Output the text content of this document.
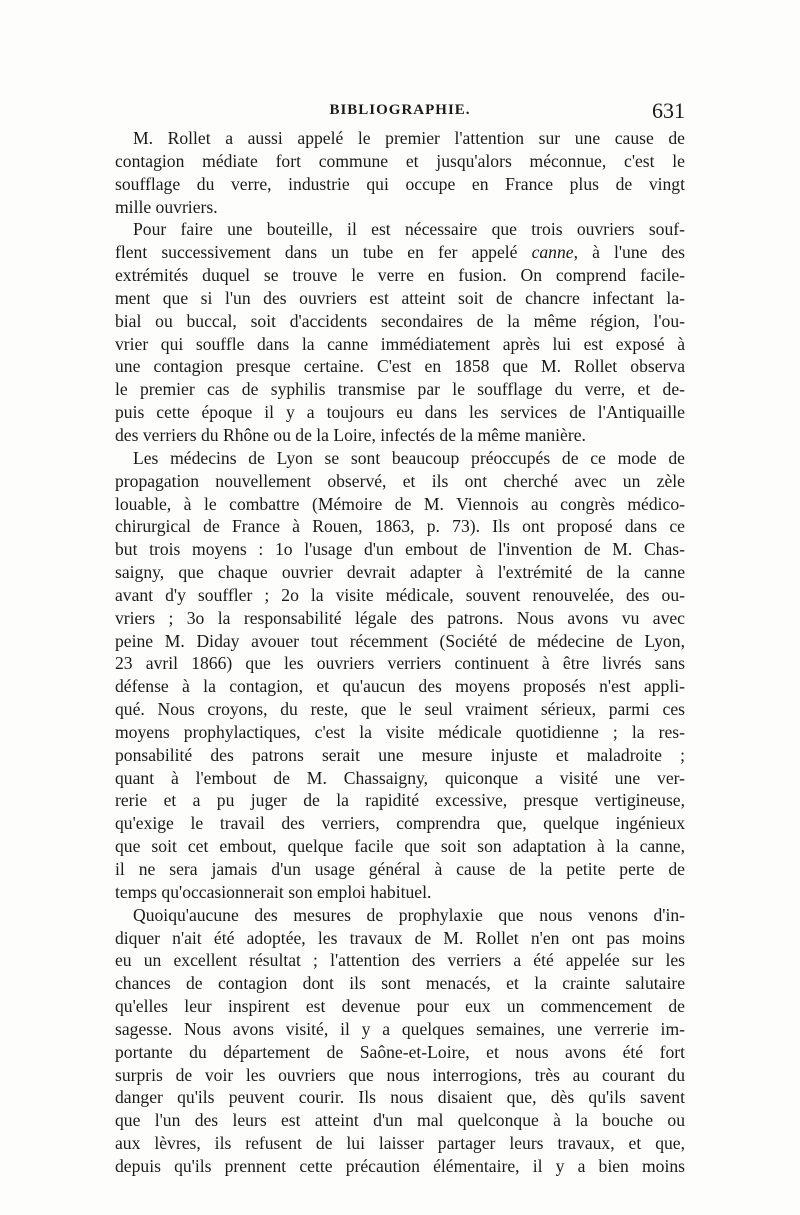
BIBLIOGRAPHIE.	631
M. Rollet a aussi appelé le premier l'attention sur une cause de
contagion médiate fort commune et jusqu'alors méconnue, c'est le
soufflage du verre, industrie qui occupe en France plus de vingt
mille ouvriers.
Pour faire une bouteille, il est nécessaire que trois ouvriers souf-
flent successivement dans un tube en fer appelé canne, à l'une des
extrémités duquel se trouve le verre en fusion. On comprend facile-
ment que si l'un des ouvriers est atteint soit de chancre infectant la-
bial ou buccal, soit d'accidents secondaires de la même région, l'ou-
vrier qui souffle dans la canne immédiatement après lui est exposé à
une contagion presque certaine. C'est en 1858 que M. Rollet observa
le premier cas de syphilis transmise par le soufflage du verre, et de-
puis cette époque il y a toujours eu dans les services de l'Antiquaille
des verriers du Rhône ou de la Loire, infectés de la même manière.
Les médecins de Lyon se sont beaucoup préoccupés de ce mode de
propagation nouvellement observé, et ils ont cherché avec un zèle
louable, à le combattre (Mémoire de M. Viennois au congrès médico-
chirurgical de France à Rouen, 1863, p. 73). Ils ont proposé dans ce
but trois moyens : 1o l'usage d'un embout de l'invention de M. Chas-
saigny, que chaque ouvrier devrait adapter à l'extrémité de la canne
avant d'y souffler ; 2o la visite médicale, souvent renouvelée, des ou-
vriers ; 3o la responsabilité légale des patrons. Nous avons vu avec
peine M. Diday avouer tout récemment (Société de médecine de Lyon,
23 avril 1866) que les ouvriers verriers continuent à être livrés sans
défense à la contagion, et qu'aucun des moyens proposés n'est appli-
qué. Nous croyons, du reste, que le seul vraiment sérieux, parmi ces
moyens prophylactiques, c'est la visite médicale quotidienne ; la res-
ponsabilité des patrons serait une mesure injuste et maladroite ;
quant à l'embout de M. Chassaigny, quiconque a visité une ver-
rerie et a pu juger de la rapidité excessive, presque vertigineuse,
qu'exige le travail des verriers, comprendra que, quelque ingénieux
que soit cet embout, quelque facile que soit son adaptation à la canne,
il ne sera jamais d'un usage général à cause de la petite perte de
temps qu'occasionnerait son emploi habituel.
Quoiqu'aucune des mesures de prophylaxie que nous venons d'in-
diquer n'ait été adoptée, les travaux de M. Rollet n'en ont pas moins
eu un excellent résultat ; l'attention des verriers a été appelée sur les
chances de contagion dont ils sont menacés, et la crainte salutaire
qu'elles leur inspirent est devenue pour eux un commencement de
sagesse. Nous avons visité, il y a quelques semaines, une verrerie im-
portante du département de Saône-et-Loire, et nous avons été fort
surpris de voir les ouvriers que nous interrogions, très au courant du
danger qu'ils peuvent courir. Ils nous disaient que, dès qu'ils savent
que l'un des leurs est atteint d'un mal quelconque à la bouche ou
aux lèvres, ils refusent de lui laisser partager leurs travaux, et que,
depuis qu'ils prennent cette précaution élémentaire, il y a bien moins
